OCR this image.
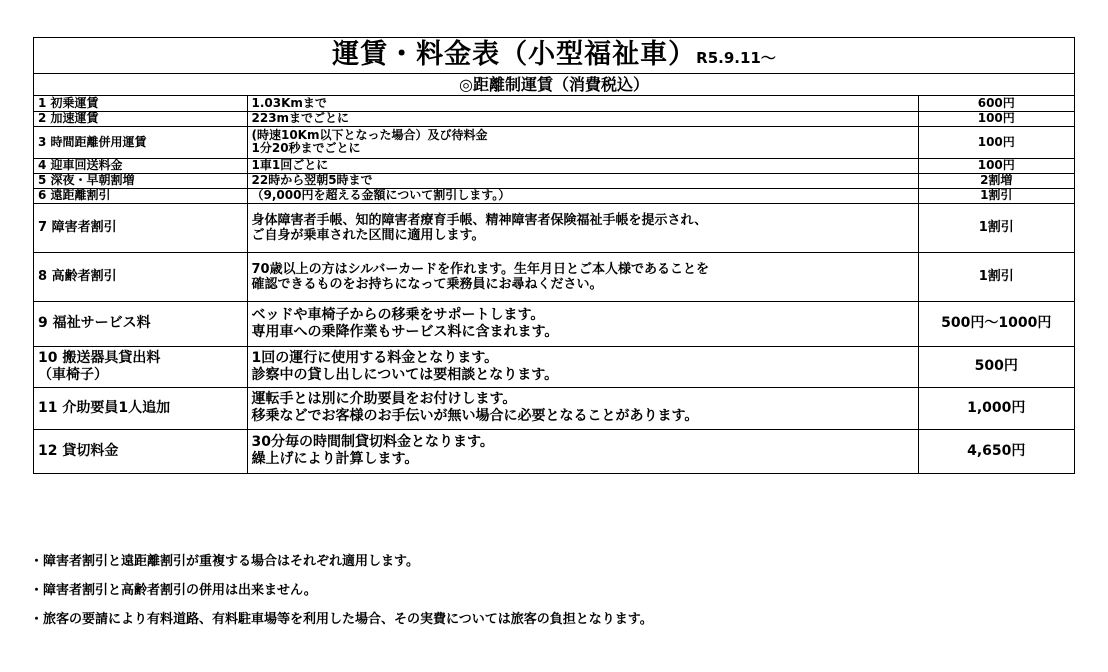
運賃・料金表（小型福祉車）R5.9.11～
◎距離制運賃（消費税込）
1 初乗運賃	1.03Kmまで	600円
2 加速運賃	223mまでごとに	100円
3 時間距離併用運賃	(時速10Km以下となった場合）及び待料金
1分20秒までごとに	100円
4 迎車回送料金	1車1回ごとに	100円
5 深夜・早朝割増	22時から翌朝5時まで	2割増
6 遠距離割引	（9,000円を超える金額について割引します。）	1割引
7 障害者割引	身体障害者手帳、知的障害者療育手帳、精神障害者保険福祉手帳を提示され、
ご自身が乗車された区間に適用します。	1割引
8 高齢者割引	70歳以上の方はシルバーカードを作れます。生年月日とご本人様であることを
確認できるものをお持ちになって乗務員にお尋ねください。	1割引
9 福祉サービス料	ベッドや車椅子からの移乗をサポートします。
専用車への乗降作業もサービス料に含まれます。	500円～1000円
10 搬送器具貸出料
（車椅子）	1回の運行に使用する料金となります。
診察中の貸し出しについては要相談となります。	500円
11 介助要員1人追加	運転手とは別に介助要員をお付けします。
移乗などでお客様のお手伝いが無い場合に必要となることがあります。	1,000円
12 貸切料金	30分毎の時間制貸切料金となります。
繰上げにより計算します。	4,650円
・障害者割引と遠距離割引が重複する場合はそれぞれ適用します。
・障害者割引と高齢者割引の併用は出来ません。
・旅客の要請により有料道路、有料駐車場等を利用した場合、その実費については旅客の負担となります。
